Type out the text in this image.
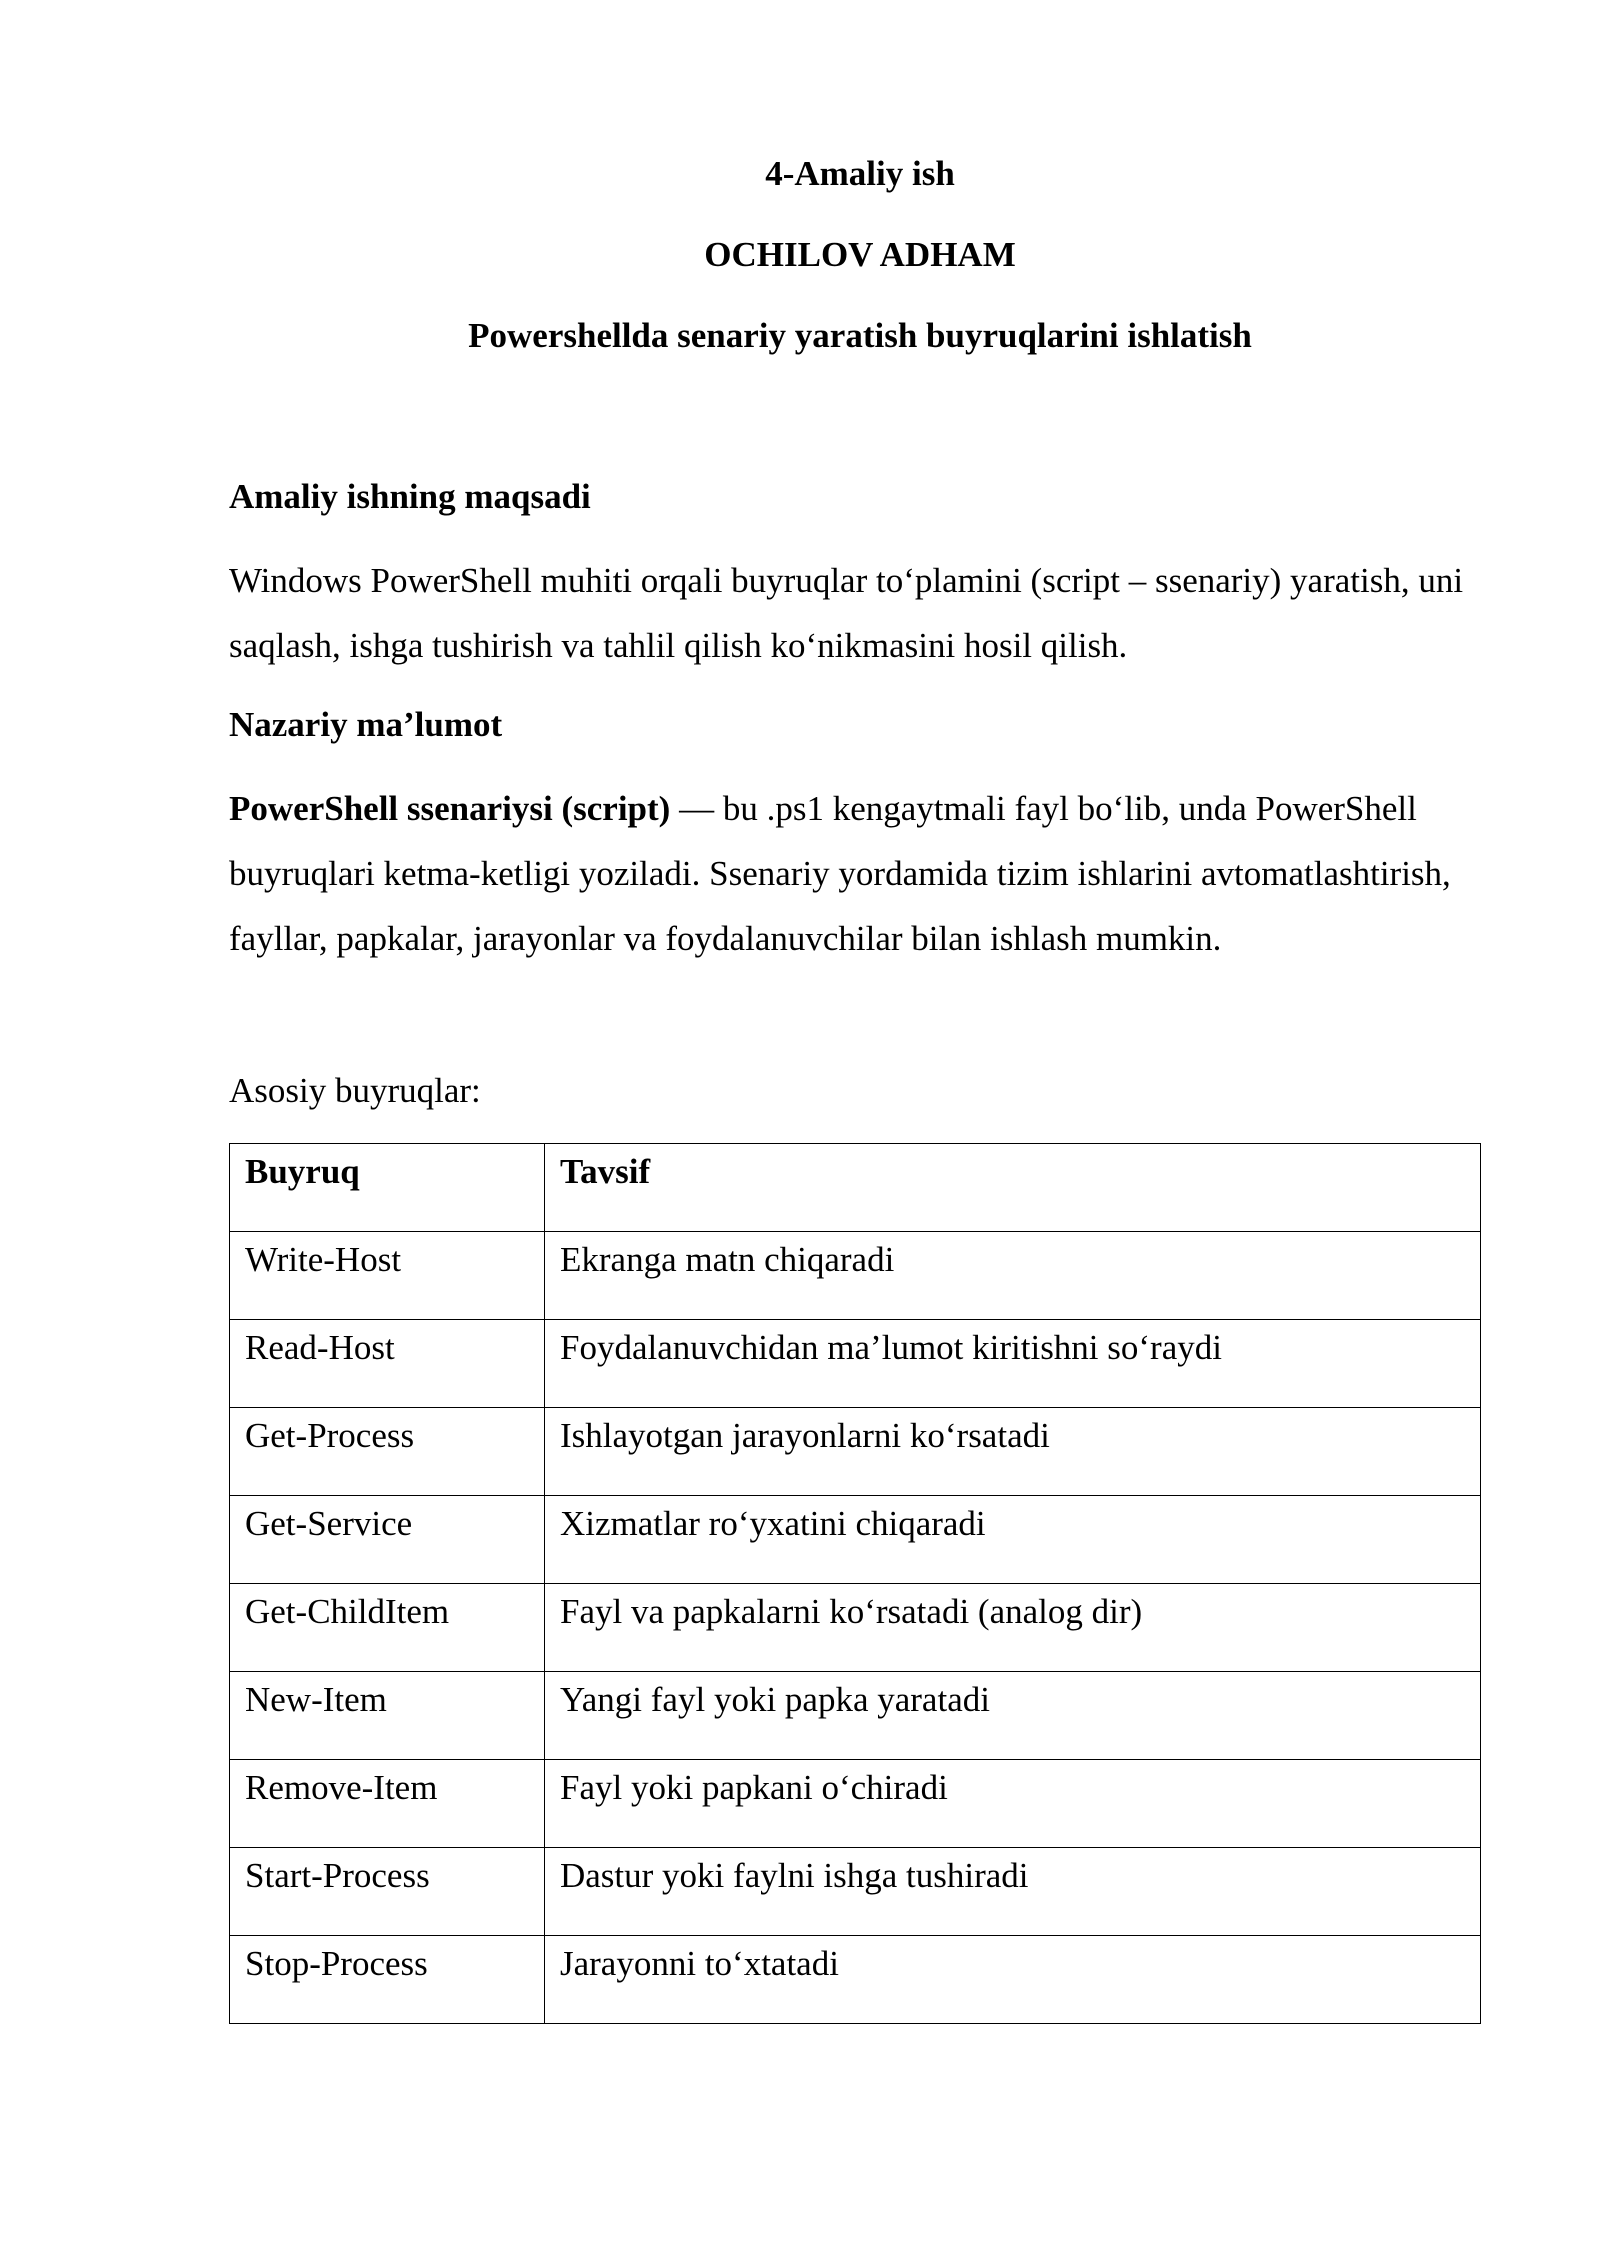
4-Amaliy ish
OCHILOV ADHAM
Powershellda senariy yaratish buyruqlarini ishlatish
Amaliy ishning maqsadi
Windows PowerShell muhiti orqali buyruqlar to‘plamini (script – ssenariy) yaratish, uni saqlash, ishga tushirish va tahlil qilish ko‘nikmasini hosil qilish.
Nazariy ma’lumot
PowerShell ssenariysi (script) — bu .ps1 kengaytmali fayl bo‘lib, unda PowerShell buyruqlari ketma-ketligi yoziladi. Ssenariy yordamida tizim ishlarini avtomatlashtirish, fayllar, papkalar, jarayonlar va foydalanuvchilar bilan ishlash mumkin.
Asosiy buyruqlar:
Buyruq	Tavsif
Write-Host	Ekranga matn chiqaradi
Read-Host	Foydalanuvchidan ma’lumot kiritishni so‘raydi
Get-Process	Ishlayotgan jarayonlarni ko‘rsatadi
Get-Service	Xizmatlar ro‘yxatini chiqaradi
Get-ChildItem	Fayl va papkalarni ko‘rsatadi (analog dir)
New-Item	Yangi fayl yoki papka yaratadi
Remove-Item	Fayl yoki papkani o‘chiradi
Start-Process	Dastur yoki faylni ishga tushiradi
Stop-Process	Jarayonni to‘xtatadi
